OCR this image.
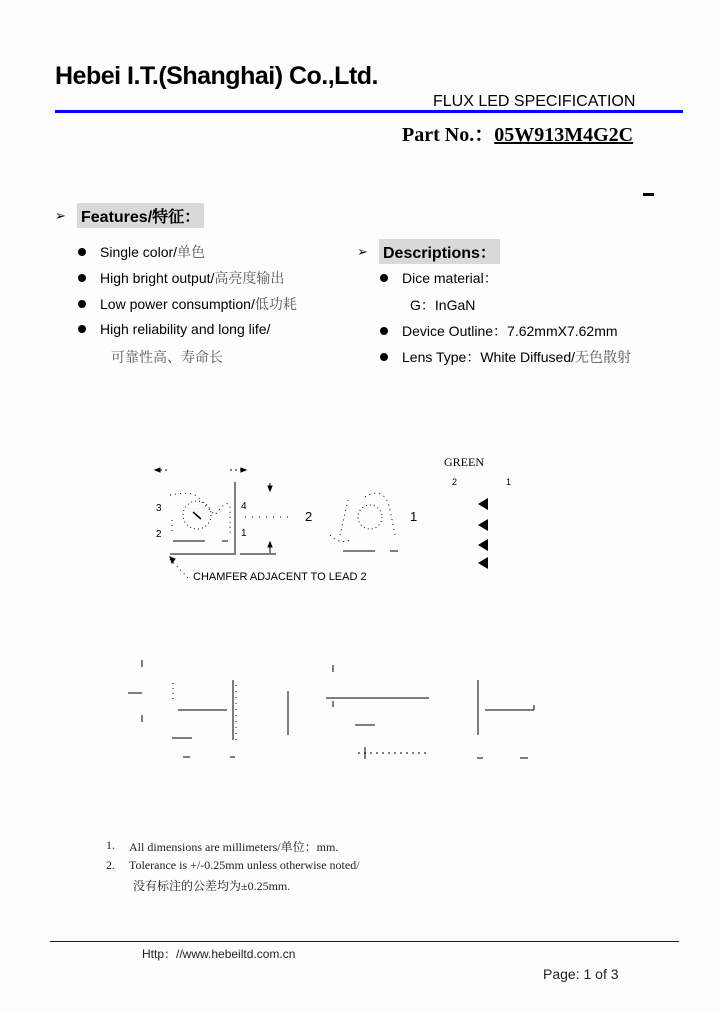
Hebei I.T.(Shanghai) Co.,Ltd.
FLUX LED SPECIFICATION
Part No.：05W913M4G2C
➢ Features/特征：
Single color/单色
High bright output/高亮度输出
Low power consumption/低功耗
High reliability and long life/
可靠性高、寿命长
➢ Descriptions：
Dice material：
G：InGaN
Device Outline：7.62mmX7.62mm
Lens Type：White Diffused/无色散射
3
2
4
1
2	1
CHAMFER ADJACENT TO LEAD 2
GREEN
2	1
1. All dimensions are millimeters/单位：mm.
2. Tolerance is +/-0.25mm unless otherwise noted/
没有标注的公差均为±0.25mm.
Http：//www.hebeiltd.com.cn
Page: 1 of 3
